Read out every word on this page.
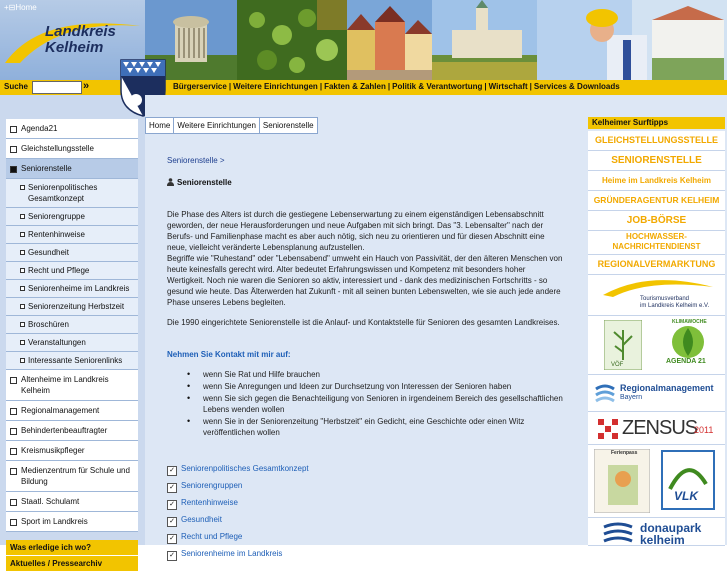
Landkreis
Kelheim
+⊟Home
Suche	»	Bürgerservice | Weitere Einrichtungen | Fakten & Zahlen | Politik & Verantwortung | Wirtschaft | Services & Downloads
Agenda21
Gleichstellungsstelle
Seniorenstelle
Seniorenpolitisches Gesamtkonzept
Seniorengruppe
Rentenhinweise
Gesundheit
Recht und Pflege
Seniorenheime im Landkreis
Seniorenzeitung Herbstzeit
Broschüren
Veranstaltungen
Interessante Seniorenlinks
Altenheime im Landkreis Kelheim
Regionalmanagement
Behindertenbeauftragter
Kreismusikpfleger
Medienzentrum für Schule und Bildung
Staatl. Schulamt
Sport im Landkreis
Was erledige ich wo?
Aktuelles / Pressearchiv
Home Weitere Einrichtungen Seniorenstelle
Seniorenstelle >
Seniorenstelle

Die Phase des Alters ist durch die gestiegene Lebenserwartung zu einem eigenständigen Lebensabschnitt geworden, der neue Herausforderungen und neue Aufgaben mit sich bringt. Das "3. Lebensalter" nach der Berufs- und Familienphase macht es aber auch nötig, sich neu zu orientieren und für diesen Abschnitt eine neue, vielleicht veränderte Lebensplanung aufzustellen.

Begriffe wie "Ruhestand" oder "Lebensabend" umweht ein Hauch von Passivität, der den älteren Menschen von heute keinesfalls gerecht wird. Alter bedeutet Erfahrungswissen und Kompetenz mit besonders hoher Wertigkeit. Noch nie waren die Senioren so aktiv, interessiert und - dank des medizinischen Fortschritts - so gesund wie heute. Das Älterwerden hat Zukunft - mit all seinen bunten Lebenswelten, wie sie auch jede andere Phase unseres Lebens begleiten.

Die 1990 eingerichtete Seniorenstelle ist die Anlauf- und Kontaktstelle für Senioren des gesamten Landkreises.

Nehmen Sie Kontakt mit mir auf:
• wenn Sie Rat und Hilfe brauchen
• wenn Sie Anregungen und Ideen zur Durchsetzung von Interessen der Senioren haben
• wenn Sie sich gegen die Benachteiligung von Senioren in irgendeinem Bereich des gesellschaftlichen Lebens wenden wollen
• wenn Sie in der Seniorenzeitung "Herbstzeit" ein Gedicht, eine Geschichte oder einen Witz veröffentlichen wollen
✓ Seniorenpolitisches Gesamtkonzept
✓ Seniorengruppen
✓ Rentenhinweise
✓ Gesundheit
✓ Recht und Pflege
✓ Seniorenheime im Landkreis
Kelheimer Surftipps
GLEICHSTELLUNGSSTELLE
SENIORENSTELLE
Heime im Landkreis Kelheim
GRÜNDERAGENTUR KELHEIM
JOB-BÖRSE
HOCHWASSER-NACHRICHTENDIENST
REGIONALVERMARKTUNG
Tourismusverband
im Landkreis Kelheim e.V.
VÖF
KLIMAWOCHE
AGENDA 21
Regionalmanagement
Bayern
ZENSUS
2011
Ferienpass
VLK
donaupark
kelheim
